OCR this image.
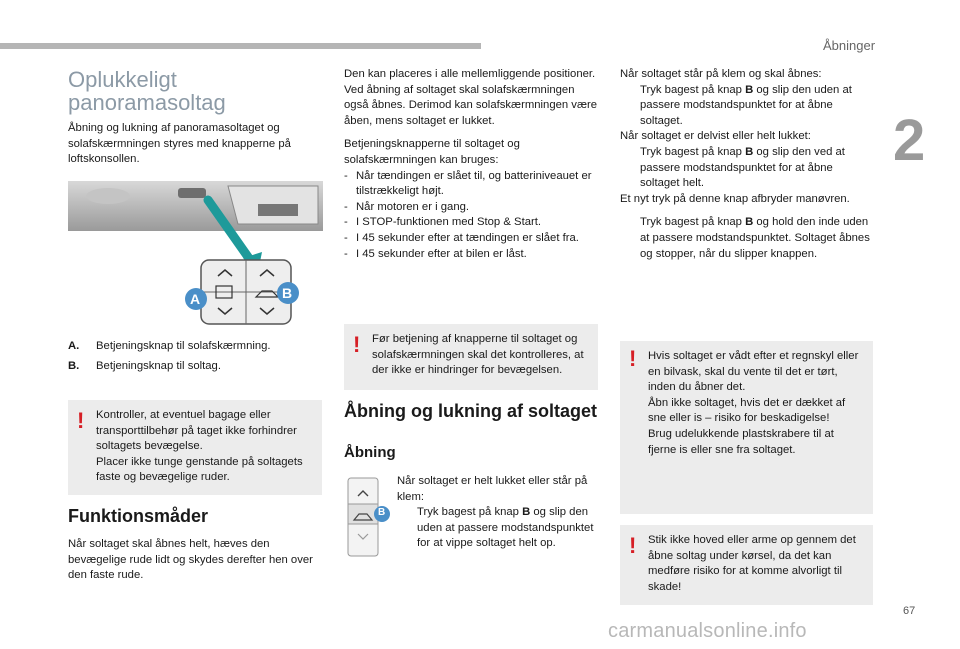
Åbninger
2
Oplukkeligt panoramasoltag

Åbning og lukning af panoramasoltaget og solafskærmningen styres med knapperne på loftskonsollen.

A	B
A.	Betjeningsknap til solafskærmning.
B.	Betjeningsknap til soltag.
! Kontroller, at eventuel bagage eller transporttilbehør på taget ikke forhindrer soltagets bevægelse.
Placer ikke tunge genstande på soltagets faste og bevægelige ruder.
Funktionsmåder

Når soltaget skal åbnes helt, hæves den bevægelige rude lidt og skydes derefter hen over den faste rude.

Den kan placeres i alle mellemliggende positioner.
Ved åbning af soltaget skal solafskærmningen også åbnes. Derimod kan solafskærmningen være åben, mens soltaget er lukket.

Betjeningsknapperne til soltaget og solafskærmningen kan bruges:

- Når tændingen er slået til, og batteriniveauet er tilstrækkeligt højt.
- Når motoren er i gang.
- I STOP-funktionen med Stop & Start.
- I 45 sekunder efter at tændingen er slået fra.
- I 45 sekunder efter at bilen er låst.
! Før betjening af knapperne til soltaget og solafskærmningen skal det kontrolleres, at der ikke er hindringer for bevægelsen.
Åbning og lukning af soltaget
Åbning
B

Når soltaget er helt lukket eller står på klem:

Tryk bagest på knap B og slip den uden at passere modstandspunktet for at vippe soltaget helt op.
Når soltaget står på klem og skal åbnes:
Tryk bagest på knap B og slip den uden at passere modstandspunktet for at åbne soltaget.
Når soltaget er delvist eller helt lukket:
Tryk bagest på knap B og slip den ved at passere modstandspunktet for at åbne soltaget helt.
Et nyt tryk på denne knap afbryder manøvren.
Tryk bagest på knap B og hold den inde uden at passere modstandspunktet. Soltaget åbnes og stopper, når du slipper knappen.
! Hvis soltaget er vådt efter et regnskyl eller en bilvask, skal du vente til det er tørt, inden du åbner det.
Åbn ikke soltaget, hvis det er dækket af sne eller is – risiko for beskadigelse!
Brug udelukkende plastskrabere til at fjerne is eller sne fra soltaget.
! Stik ikke hoved eller arme op gennem det åbne soltag under kørsel, da det kan medføre risiko for at komme alvorligt til skade!
67
carmanualsonline.info
